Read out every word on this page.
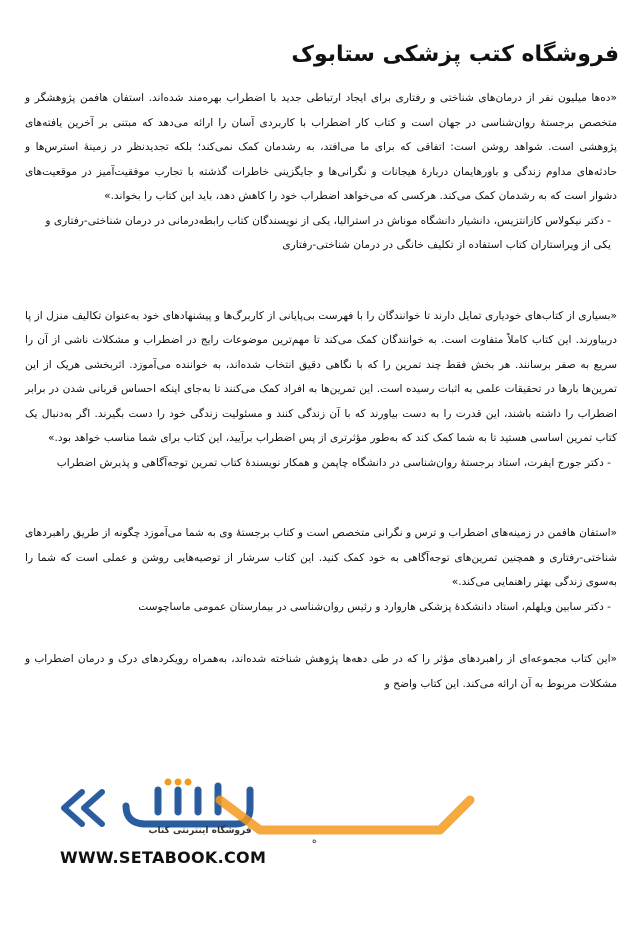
فروشگاه کتب پزشکی ستابوک

«ده‌ها میلیون نفر از درمان‌های شناختی و رفتاری برای ایجاد ارتباطی جدید با اضطراب بهره‌مند شده‌اند. استفان هافمن پژوهشگر و متخصص برجستهٔ روان‌شناسی در جهان است و کتاب کار اضطراب با کاربردی آسان را ارائه می‌دهد که مبتنی بر آخرین یافته‌های پژوهشی است. شواهد روشن است: اتفاقی که برای ما می‌افتد، به رشدمان کمک نمی‌کند؛ بلکه تجدیدنظر در زمینهٔ استرس‌ها و حادثه‌های مداوم زندگی و باورهایمان دربارهٔ هیجانات و نگرانی‌ها و جایگزینی خاطرات گذشته با تجارب موفقیت‌آمیز در موقعیت‌های دشوار است که به رشدمان کمک می‌کند. هرکسی که می‌خواهد اضطراب خود را کاهش دهد، باید این کتاب را بخواند.»

- دکتر نیکولاس کازانتزیس، دانشیار دانشگاه موناش در استرالیا، یکی از نویسندگان کتاب رابطه‌درمانی در درمان شناختی-رفتاری و یکی از ویراستاران کتاب استفاده از تکلیف خانگی در درمان شناختی-رفتاری

«بسیاری از کتاب‌های خودیاری تمایل دارند تا خوانندگان را با فهرست بی‌پایانی از کاربرگ‌ها و پیشنهادهای خود به‌عنوان تکالیف منزل از پا دربیاورند. این کتاب کاملاً متفاوت است. به خوانندگان کمک می‌کند تا مهم‌ترین موضوعات رایج در اضطراب و مشکلات ناشی از آن را سریع به صفر برسانند. هر بخش فقط چند تمرین را که با نگاهی دقیق انتخاب شده‌اند، به خواننده می‌آموزد. اثربخشی هریک از این تمرین‌ها بارها در تحقیقات علمی به اثبات رسیده است. این تمرین‌ها به افراد کمک می‌کنند تا به‌جای اینکه احساس قربانی شدن در برابر اضطراب را داشته باشند، این قدرت را به دست بیاورند که با آن زندگی کنند و مسئولیت زندگی خود را دست بگیرند. اگر به‌دنبال یک کتاب تمرین اساسی هستید تا به شما کمک کند که به‌طور مؤثرتری از پس اضطراب برآیید، این کتاب برای شما مناسب خواهد بود.»

- دکتر جورج ایفرت، استاد برجستهٔ روان‌شناسی در دانشگاه چاپمن و همکار نویسندهٔ کتاب تمرین توجه‌آگاهی و پذیرش اضطراب

«استفان هافمن در زمینه‌های اضطراب و ترس و نگرانی متخصص است و کتاب برجستهٔ وی به شما می‌آموزد چگونه از طریق راهبردهای شناختی-رفتاری و همچنین تمرین‌های توجه‌آگاهی به خود کمک کنید. این کتاب سرشار از توصیه‌هایی روشن و عملی است که شما را به‌سوی زندگی بهتر راهنمایی می‌کند.»

- دکتر سابین ویلهلم، استاد دانشکدهٔ پزشکی هاروارد و رئیس روان‌شناسی در بیمارستان عمومی ماساچوست

«این کتاب مجموعه‌ای از راهبردهای مؤثر را که در طی دهه‌ها پژوهش شناخته شده‌اند، به‌همراه رویکردهای درک و درمان اضطراب و مشکلات مربوط به آن ارائه می‌کند. این کتاب واضح و

ه
فروشگاه اینترنتی کتاب
WWW.SETABOOK.COM
